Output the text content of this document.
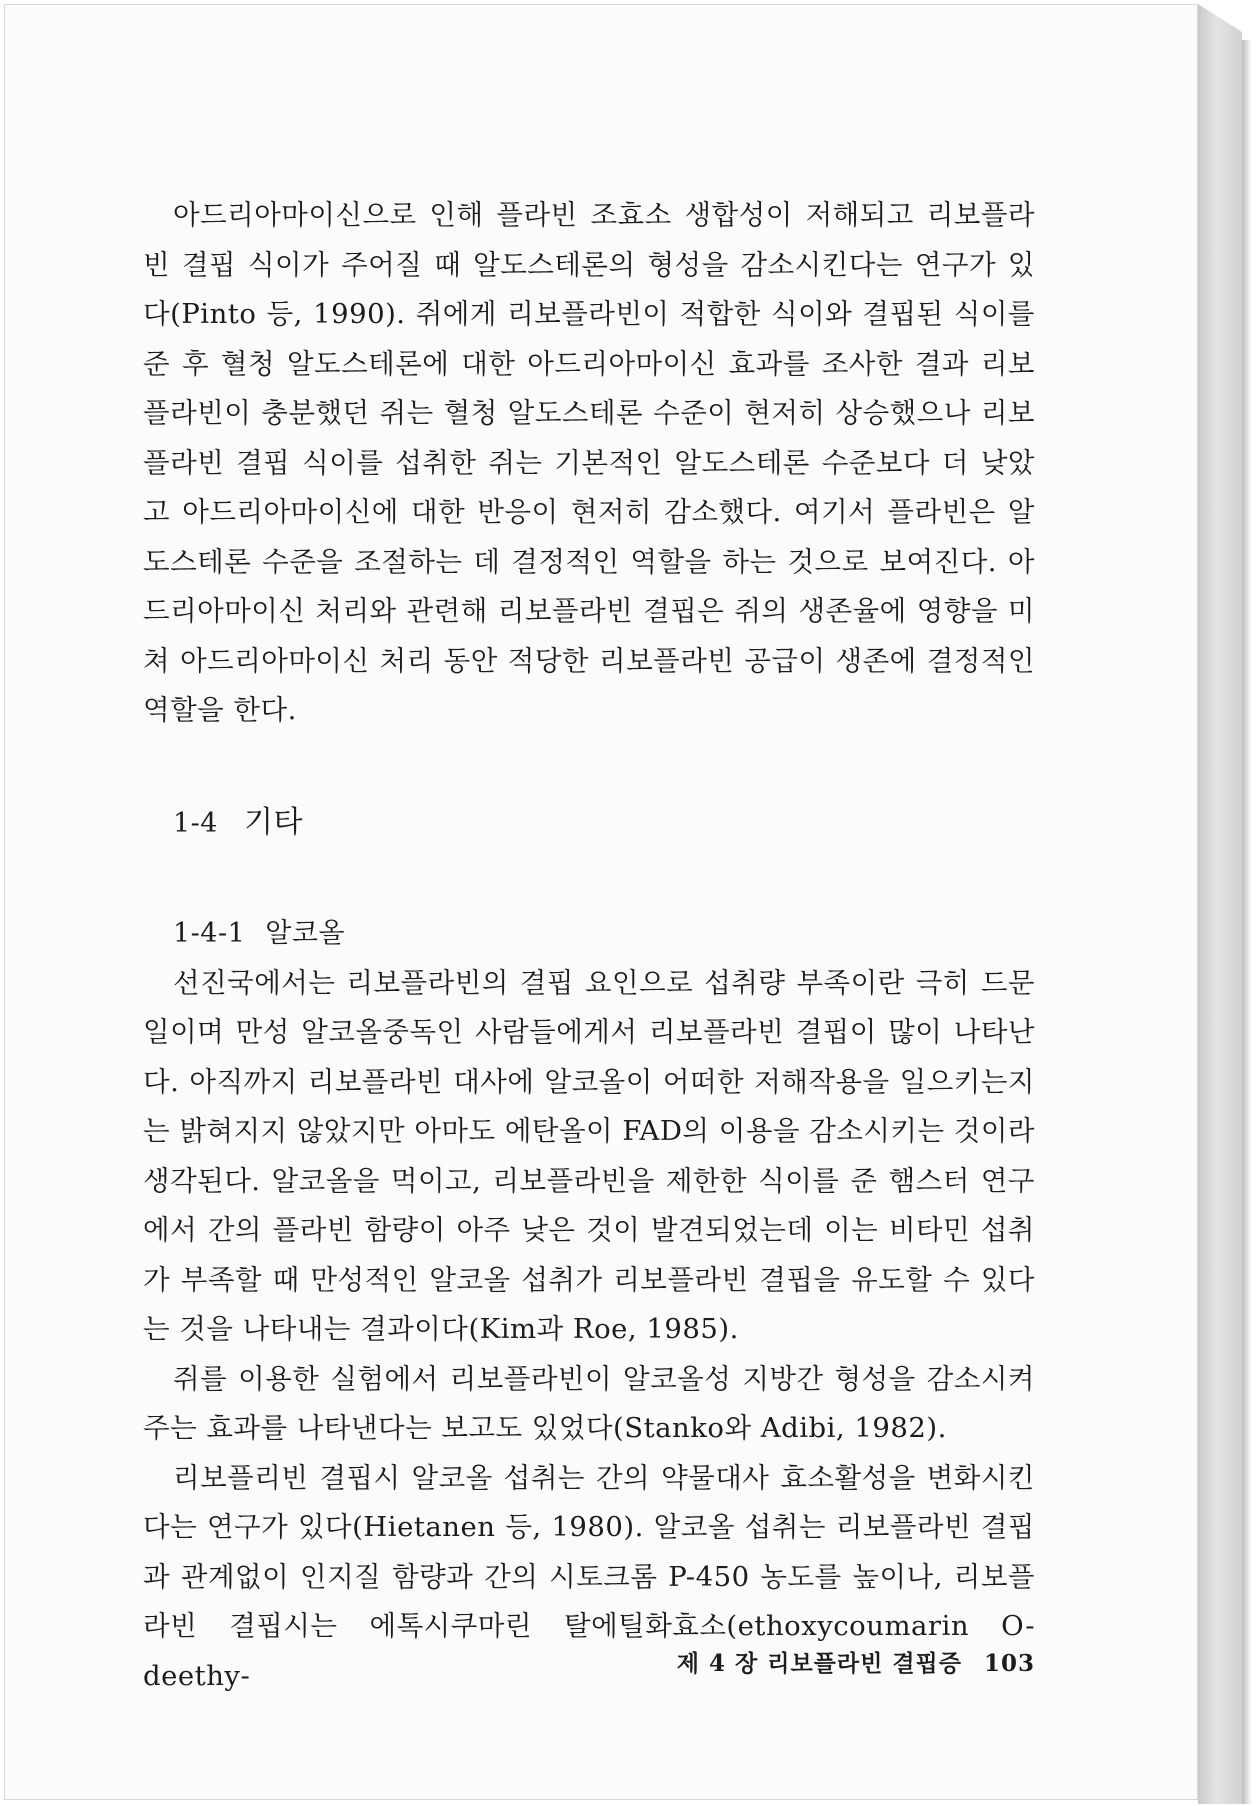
아드리아마이신으로 인해 플라빈 조효소 생합성이 저해되고 리보플라빈 결핍 식이가 주어질 때 알도스테론의 형성을 감소시킨다는 연구가 있다(Pinto 등, 1990). 쥐에게 리보플라빈이 적합한 식이와 결핍된 식이를 준 후 혈청 알도스테론에 대한 아드리아마이신 효과를 조사한 결과 리보플라빈이 충분했던 쥐는 혈청 알도스테론 수준이 현저히 상승했으나 리보플라빈 결핍 식이를 섭취한 쥐는 기본적인 알도스테론 수준보다 더 낮았고 아드리아마이신에 대한 반응이 현저히 감소했다. 여기서 플라빈은 알도스테론 수준을 조절하는 데 결정적인 역할을 하는 것으로 보여진다. 아드리아마이신 처리와 관련해 리보플라빈 결핍은 쥐의 생존율에 영향을 미쳐 아드리아마이신 처리 동안 적당한 리보플라빈 공급이 생존에 결정적인 역할을 한다.

1-4 기타
1-4-1 알코올

선진국에서는 리보플라빈의 결핍 요인으로 섭취량 부족이란 극히 드문 일이며 만성 알코올중독인 사람들에게서 리보플라빈 결핍이 많이 나타난다. 아직까지 리보플라빈 대사에 알코올이 어떠한 저해작용을 일으키는지는 밝혀지지 않았지만 아마도 에탄올이 FAD의 이용을 감소시키는 것이라 생각된다. 알코올을 먹이고, 리보플라빈을 제한한 식이를 준 햄스터 연구에서 간의 플라빈 함량이 아주 낮은 것이 발견되었는데 이는 비타민 섭취가 부족할 때 만성적인 알코올 섭취가 리보플라빈 결핍을 유도할 수 있다는 것을 나타내는 결과이다(Kim과 Roe, 1985).

쥐를 이용한 실험에서 리보플라빈이 알코올성 지방간 형성을 감소시켜주는 효과를 나타낸다는 보고도 있었다(Stanko와 Adibi, 1982).

리보플리빈 결핍시 알코올 섭취는 간의 약물대사 효소활성을 변화시킨다는 연구가 있다(Hietanen 등, 1980). 알코올 섭취는 리보플라빈 결핍과 관계없이 인지질 함량과 간의 시토크롬 P-450 농도를 높이나, 리보플라빈 결핍시는 에톡시쿠마린 탈에틸화효소(ethoxycoumarin O-deethy-	제 4 장 리보플라빈 결핍증 103
